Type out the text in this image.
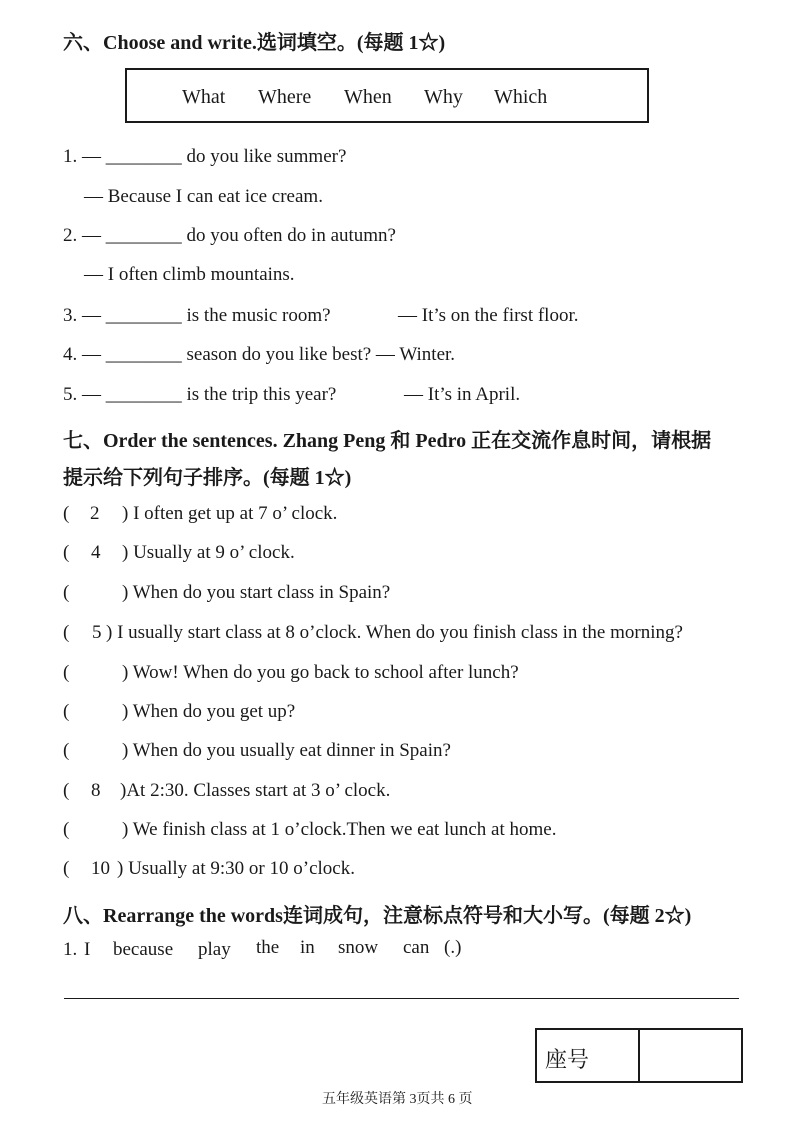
六、Choose and write.选词填空。(每题 1☆)
What Where When Why Which
1. — ________ do you like summer?
— Because I can eat ice cream.
2. — ________ do you often do in autumn?
— I often climb mountains.
3. — ________ is the music room?	— It’s on the first floor.
4. — ________ season do you like best? — Winter.
5. — ________ is the trip this year?	— It’s in April.
七、Order the sentences. Zhang Peng 和 Pedro 正在交流作息时间，请根据
提示给下列句子排序。(每题 1☆)
( 2 ) I often get up at 7 o’ clock.
( 4 ) Usually at 9 o’ clock.
(	) When do you start class in Spain?
( 5 ) I usually start class at 8 o’clock. When do you finish class in the morning?
(	) Wow! When do you go back to school after lunch?
(	) When do you get up?
(	) When do you usually eat dinner in Spain?
( 8 )At 2:30. Classes start at 3 o’ clock.
(	) We finish class at 1 o’clock.Then we eat lunch at home.
( 10 ) Usually at 9:30 or 10 o’clock.
八、Rearrange the words连词成句，注意标点符号和大小写。(每题 2☆)
1. I because play the in snow can (.)
座号
五年级英语第 3页共 6 页
